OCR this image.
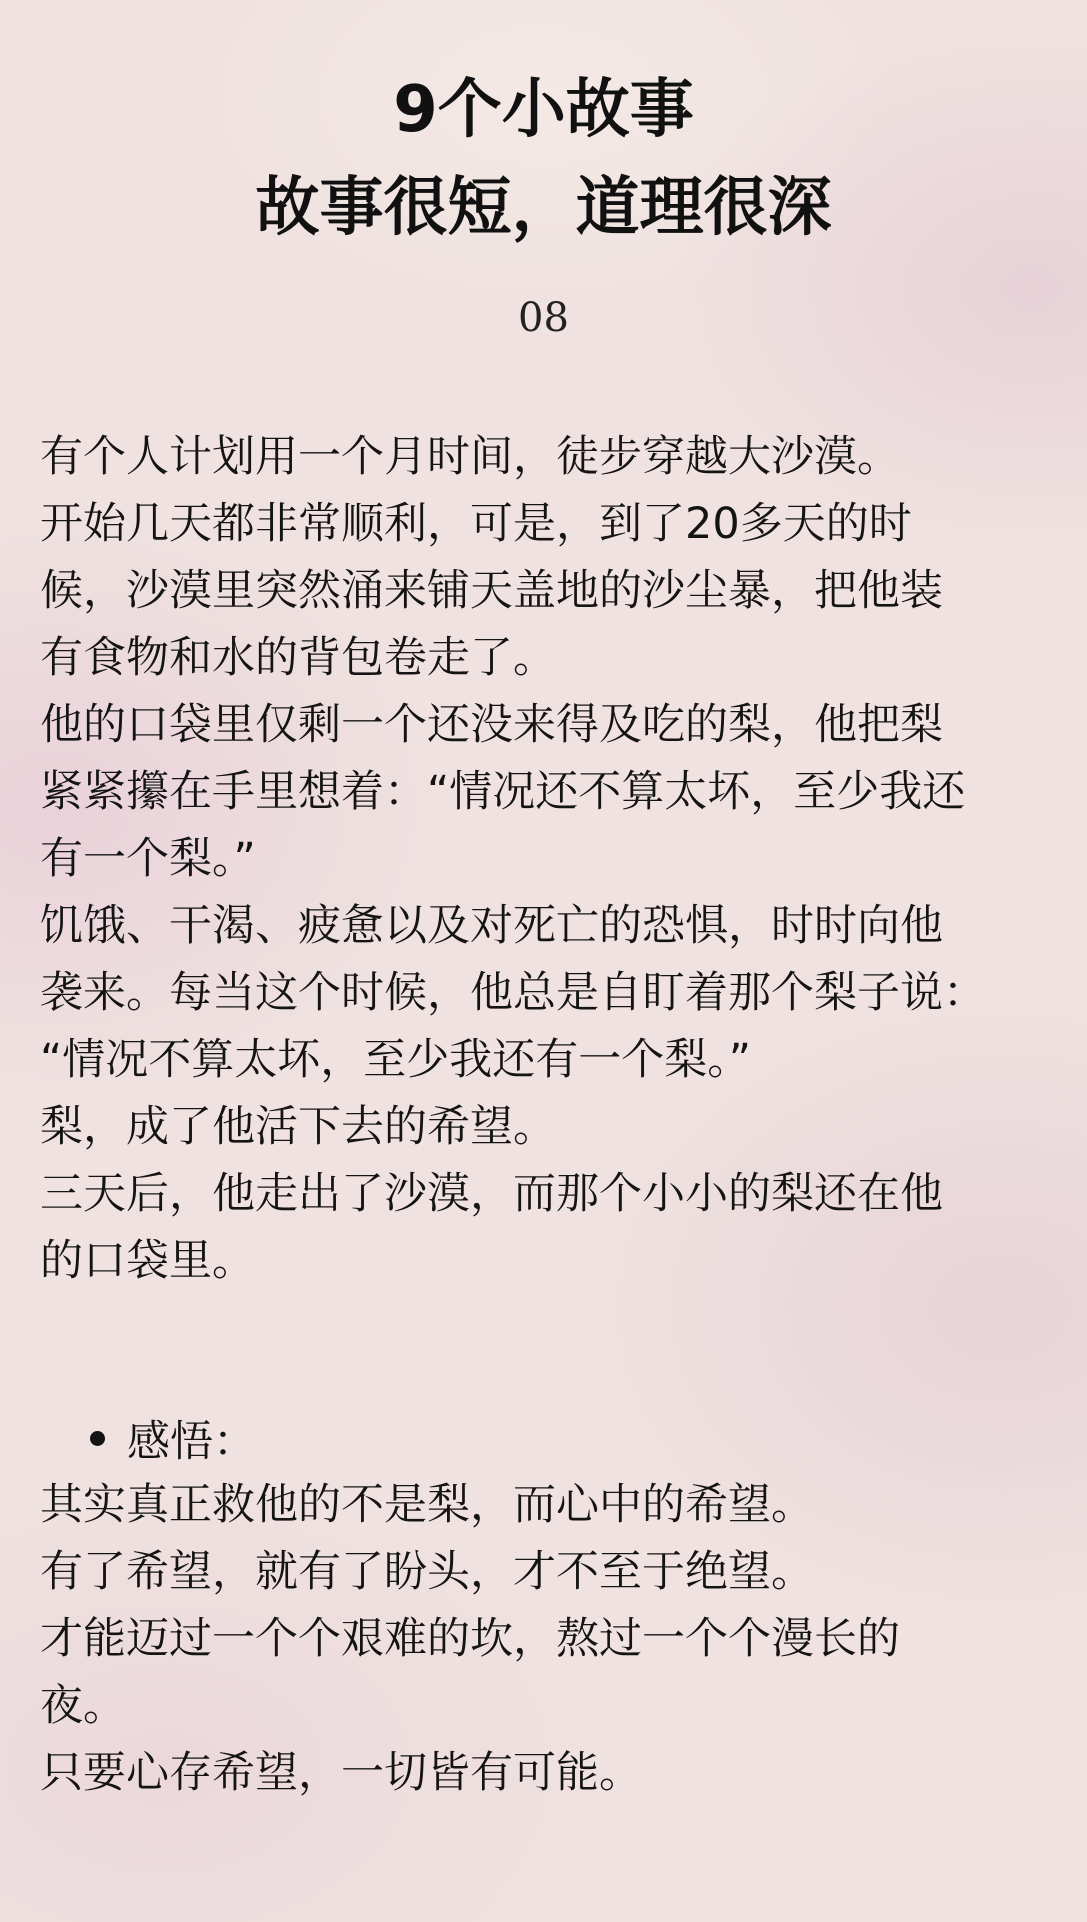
9个小故事
故事很短，道理很深
08

有个人计划用一个月时间，徒步穿越大沙漠。

开始几天都非常顺利，可是，到了20多天的时

候，沙漠里突然涌来铺天盖地的沙尘暴，把他装

有食物和水的背包卷走了。

他的口袋里仅剩一个还没来得及吃的梨，他把梨

紧紧攥在手里想着：“情况还不算太坏，至少我还

有一个梨。”

饥饿、干渴、疲惫以及对死亡的恐惧，时时向他

袭来。每当这个时候，他总是自盯着那个梨子说：

“情况不算太坏，至少我还有一个梨。”

梨，成了他活下去的希望。

三天后，他走出了沙漠，而那个小小的梨还在他

的口袋里。

感悟：

其实真正救他的不是梨，而心中的希望。

有了希望，就有了盼头，才不至于绝望。

才能迈过一个个艰难的坎，熬过一个个漫长的

夜。

只要心存希望，一切皆有可能。
